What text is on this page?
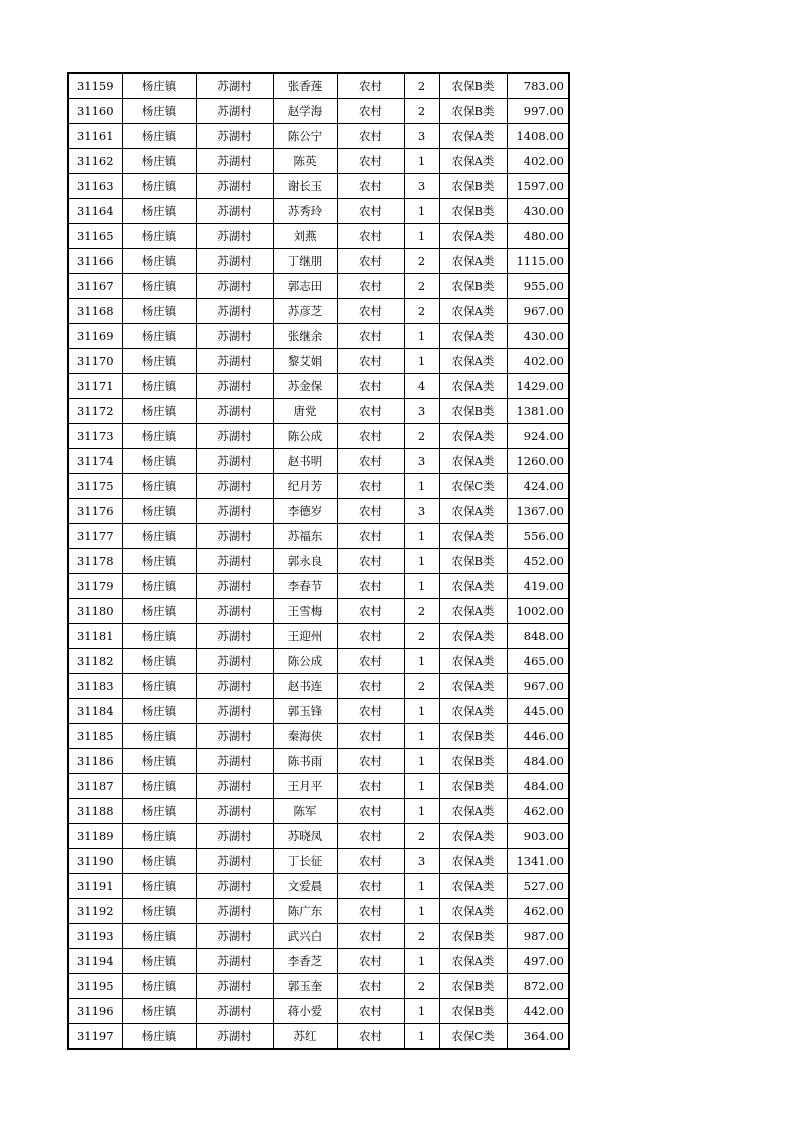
31159	杨庄镇	苏湖村	张香莲	农村	2	农保B类	783.00
31160	杨庄镇	苏湖村	赵学海	农村	2	农保B类	997.00
31161	杨庄镇	苏湖村	陈公宁	农村	3	农保A类	1408.00
31162	杨庄镇	苏湖村	陈英	农村	1	农保A类	402.00
31163	杨庄镇	苏湖村	谢长玉	农村	3	农保B类	1597.00
31164	杨庄镇	苏湖村	苏秀玲	农村	1	农保B类	430.00
31165	杨庄镇	苏湖村	刘燕	农村	1	农保A类	480.00
31166	杨庄镇	苏湖村	丁继朋	农村	2	农保A类	1115.00
31167	杨庄镇	苏湖村	郭志田	农村	2	农保B类	955.00
31168	杨庄镇	苏湖村	苏彦芝	农村	2	农保A类	967.00
31169	杨庄镇	苏湖村	张继余	农村	1	农保A类	430.00
31170	杨庄镇	苏湖村	黎艾娟	农村	1	农保A类	402.00
31171	杨庄镇	苏湖村	苏金保	农村	4	农保A类	1429.00
31172	杨庄镇	苏湖村	唐党	农村	3	农保B类	1381.00
31173	杨庄镇	苏湖村	陈公成	农村	2	农保A类	924.00
31174	杨庄镇	苏湖村	赵书明	农村	3	农保A类	1260.00
31175	杨庄镇	苏湖村	纪月芳	农村	1	农保C类	424.00
31176	杨庄镇	苏湖村	李德岁	农村	3	农保A类	1367.00
31177	杨庄镇	苏湖村	苏福东	农村	1	农保A类	556.00
31178	杨庄镇	苏湖村	郭永良	农村	1	农保B类	452.00
31179	杨庄镇	苏湖村	李春节	农村	1	农保A类	419.00
31180	杨庄镇	苏湖村	王雪梅	农村	2	农保A类	1002.00
31181	杨庄镇	苏湖村	王迎州	农村	2	农保A类	848.00
31182	杨庄镇	苏湖村	陈公成	农村	1	农保A类	465.00
31183	杨庄镇	苏湖村	赵书连	农村	2	农保A类	967.00
31184	杨庄镇	苏湖村	郭玉锋	农村	1	农保A类	445.00
31185	杨庄镇	苏湖村	秦海侠	农村	1	农保B类	446.00
31186	杨庄镇	苏湖村	陈书雨	农村	1	农保B类	484.00
31187	杨庄镇	苏湖村	王月平	农村	1	农保B类	484.00
31188	杨庄镇	苏湖村	陈军	农村	1	农保A类	462.00
31189	杨庄镇	苏湖村	苏晓凤	农村	2	农保A类	903.00
31190	杨庄镇	苏湖村	丁长征	农村	3	农保A类	1341.00
31191	杨庄镇	苏湖村	文爱晨	农村	1	农保A类	527.00
31192	杨庄镇	苏湖村	陈广东	农村	1	农保A类	462.00
31193	杨庄镇	苏湖村	武兴白	农村	2	农保B类	987.00
31194	杨庄镇	苏湖村	李香芝	农村	1	农保A类	497.00
31195	杨庄镇	苏湖村	郭玉奎	农村	2	农保B类	872.00
31196	杨庄镇	苏湖村	蒋小爱	农村	1	农保B类	442.00
31197	杨庄镇	苏湖村	苏红	农村	1	农保C类	364.00
